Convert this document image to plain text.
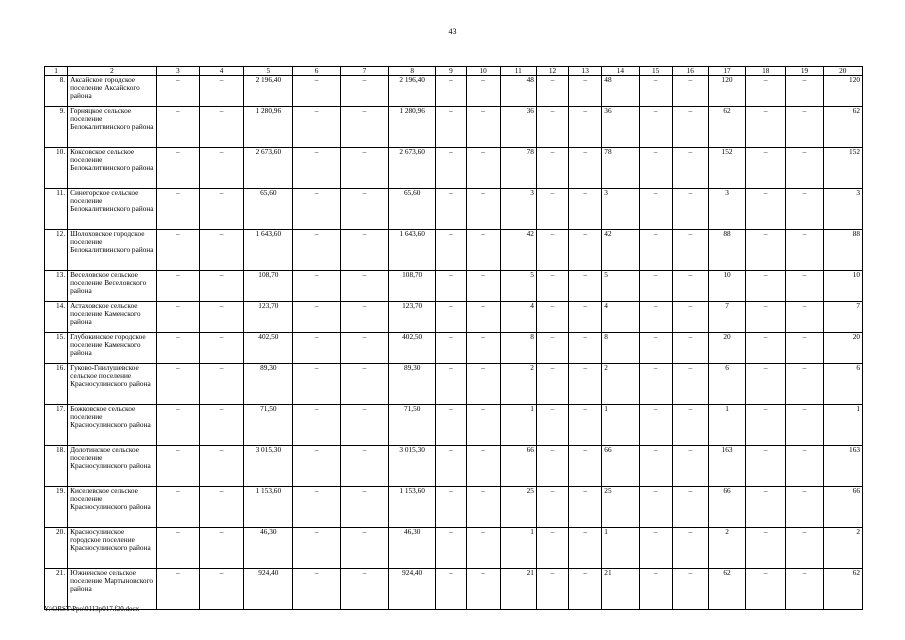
43
1	2	3	4	5	6	7	8	9	10	11	12	13	14	15	16	17	18	19	20
8.	Аксайское городское поселение Аксайского района	–	–	2 196,40	–	–	2 196,40	–	–	48	–	–	48	–	–	120	–	–	120
9.	Горняцкое сельское поселение Белокалитвинского района	–	–	1 280,96	–	–	1 280,96	–	–	36	–	–	36	–	–	62	–	–	62
10.	Коксовское сельское поселение Белокалитвинского района	–	–	2 673,60	–	–	2 673,60	–	–	78	–	–	78	–	–	152	–	–	152
11.	Синегорское сельское поселение Белокалитвинского района	–	–	65,60	–	–	65,60	–	–	3	–	–	3	–	–	3	–	–	3
12.	Шолоховское городское поселение Белокалитвинского района	–	–	1 643,60	–	–	1 643,60	–	–	42	–	–	42	–	–	88	–	–	88
13.	Веселовское сельское поселение Веселовского района	–	–	108,70	–	–	108,70	–	–	5	–	–	5	–	–	10	–	–	10
14.	Астаховское сельское поселение Каменского района	–	–	123,70	–	–	123,70	–	–	4	–	–	4	–	–	7	–	–	7
15.	Глубокинское городское поселение Каменского района	–	–	402,50	–	–	402,50	–	–	8	–	–	8	–	–	20	–	–	20
16.	Гуково-Гнилушевское сельское поселение Красносулинского района	–	–	89,30	–	–	89,30	–	–	2	–	–	2	–	–	6	–	–	6
17.	Божковское сельское поселение Красносулинского района	–	–	71,50	–	–	71,50	–	–	1	–	–	1	–	–	1	–	–	1
18.	Долотинское сельское поселение Красносулинского района	–	–	3 015,30	–	–	3 015,30	–	–	66	–	–	66	–	–	163	–	–	163
19.	Киселевское сельское поселение Красносулинского района	–	–	1 153,60	–	–	1 153,60	–	–	25	–	–	25	–	–	66	–	–	66
20.	Красносулинское городское поселение Красносулинского района	–	–	46,30	–	–	46,30	–	–	1	–	–	1	–	–	2	–	–	2
21.	Южненское сельское поселение Мартыновского района	–	–	924,40	–	–	924,40	–	–	21	–	–	21	–	–	62	–	–	62
Y:\ORST\Ppo\0113p017.f20.docx
